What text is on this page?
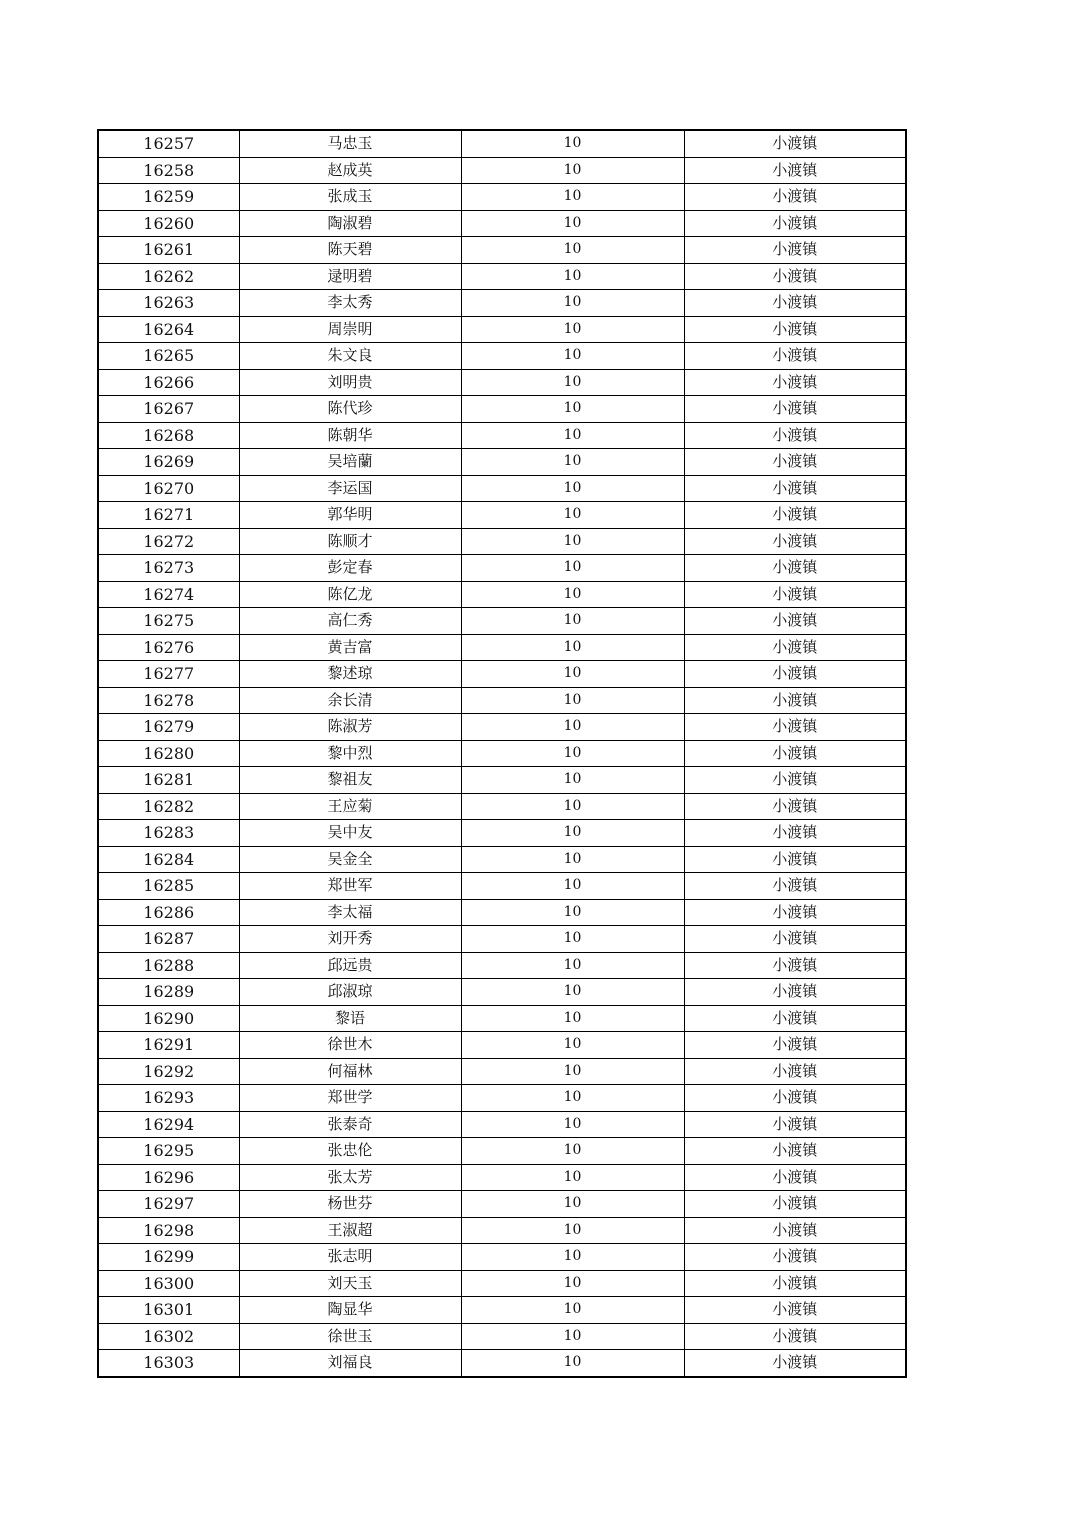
16257	马忠玉	10	小渡镇
16258	赵成英	10	小渡镇
16259	张成玉	10	小渡镇
16260	陶淑碧	10	小渡镇
16261	陈天碧	10	小渡镇
16262	逯明碧	10	小渡镇
16263	李太秀	10	小渡镇
16264	周崇明	10	小渡镇
16265	朱文良	10	小渡镇
16266	刘明贵	10	小渡镇
16267	陈代珍	10	小渡镇
16268	陈朝华	10	小渡镇
16269	吴培蘭	10	小渡镇
16270	李运国	10	小渡镇
16271	郭华明	10	小渡镇
16272	陈顺才	10	小渡镇
16273	彭定春	10	小渡镇
16274	陈亿龙	10	小渡镇
16275	高仁秀	10	小渡镇
16276	黄吉富	10	小渡镇
16277	黎述琼	10	小渡镇
16278	余长清	10	小渡镇
16279	陈淑芳	10	小渡镇
16280	黎中烈	10	小渡镇
16281	黎祖友	10	小渡镇
16282	王应菊	10	小渡镇
16283	吴中友	10	小渡镇
16284	吴金全	10	小渡镇
16285	郑世军	10	小渡镇
16286	李太福	10	小渡镇
16287	刘开秀	10	小渡镇
16288	邱远贵	10	小渡镇
16289	邱淑琼	10	小渡镇
16290	黎语	10	小渡镇
16291	徐世木	10	小渡镇
16292	何福林	10	小渡镇
16293	郑世学	10	小渡镇
16294	张泰奇	10	小渡镇
16295	张忠伦	10	小渡镇
16296	张太芳	10	小渡镇
16297	杨世芬	10	小渡镇
16298	王淑超	10	小渡镇
16299	张志明	10	小渡镇
16300	刘天玉	10	小渡镇
16301	陶显华	10	小渡镇
16302	徐世玉	10	小渡镇
16303	刘福良	10	小渡镇
